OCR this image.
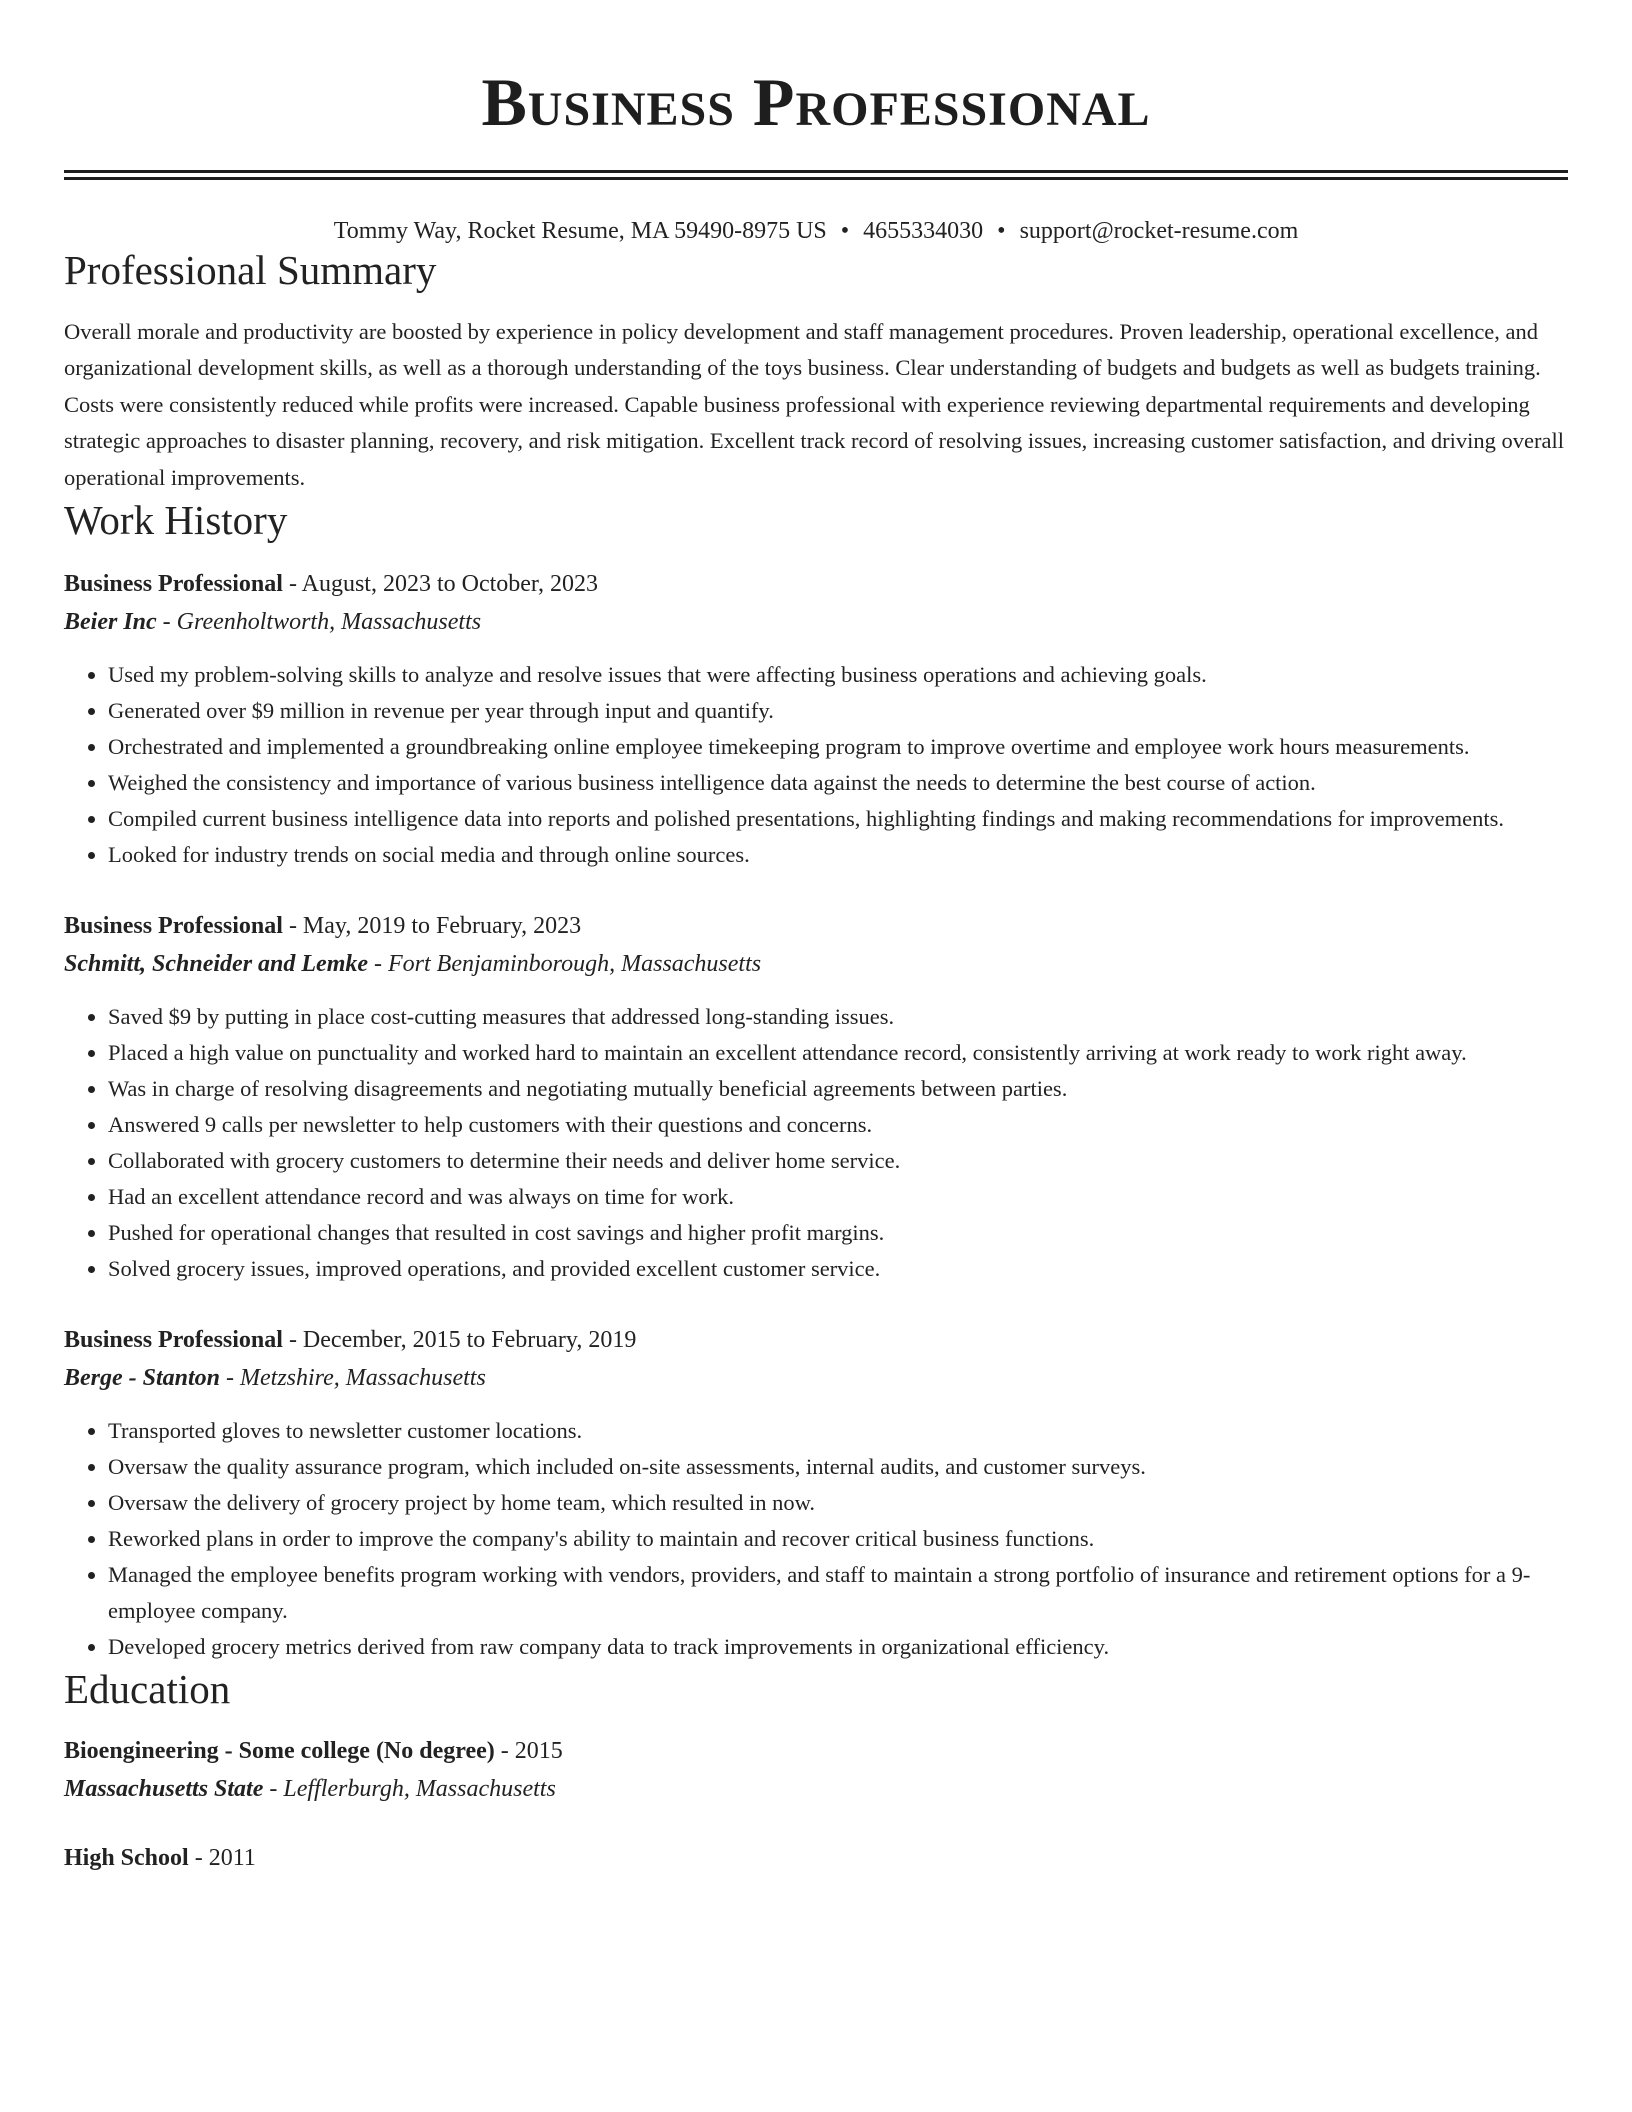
Business Professional
Tommy Way, Rocket Resume, MA 59490-8975 US • 4655334030 • support@rocket-resume.com
Professional Summary
Overall morale and productivity are boosted by experience in policy development and staff management procedures. Proven leadership, operational excellence, and organizational development skills, as well as a thorough understanding of the toys business. Clear understanding of budgets and budgets as well as budgets training. Costs were consistently reduced while profits were increased. Capable business professional with experience reviewing departmental requirements and developing strategic approaches to disaster planning, recovery, and risk mitigation. Excellent track record of resolving issues, increasing customer satisfaction, and driving overall operational improvements.
Work History
Business Professional - August, 2023 to October, 2023
Beier Inc - Greenholtworth, Massachusetts
• Used my problem-solving skills to analyze and resolve issues that were affecting business operations and achieving goals.
• Generated over $9 million in revenue per year through input and quantify.
• Orchestrated and implemented a groundbreaking online employee timekeeping program to improve overtime and employee work hours measurements.
• Weighed the consistency and importance of various business intelligence data against the needs to determine the best course of action.
• Compiled current business intelligence data into reports and polished presentations, highlighting findings and making recommendations for improvements.
• Looked for industry trends on social media and through online sources.
Business Professional - May, 2019 to February, 2023
Schmitt, Schneider and Lemke - Fort Benjaminborough, Massachusetts
• Saved $9 by putting in place cost-cutting measures that addressed long-standing issues.
• Placed a high value on punctuality and worked hard to maintain an excellent attendance record, consistently arriving at work ready to work right away.
• Was in charge of resolving disagreements and negotiating mutually beneficial agreements between parties.
• Answered 9 calls per newsletter to help customers with their questions and concerns.
• Collaborated with grocery customers to determine their needs and deliver home service.
• Had an excellent attendance record and was always on time for work.
• Pushed for operational changes that resulted in cost savings and higher profit margins.
• Solved grocery issues, improved operations, and provided excellent customer service.
Business Professional - December, 2015 to February, 2019
Berge - Stanton - Metzshire, Massachusetts
• Transported gloves to newsletter customer locations.
• Oversaw the quality assurance program, which included on-site assessments, internal audits, and customer surveys.
• Oversaw the delivery of grocery project by home team, which resulted in now.
• Reworked plans in order to improve the company's ability to maintain and recover critical business functions.
• Managed the employee benefits program working with vendors, providers, and staff to maintain a strong portfolio of insurance and retirement options for a 9-employee company.
• Developed grocery metrics derived from raw company data to track improvements in organizational efficiency.
Education
Bioengineering - Some college (No degree) - 2015
Massachusetts State - Lefflerburgh, Massachusetts
High School - 2011
